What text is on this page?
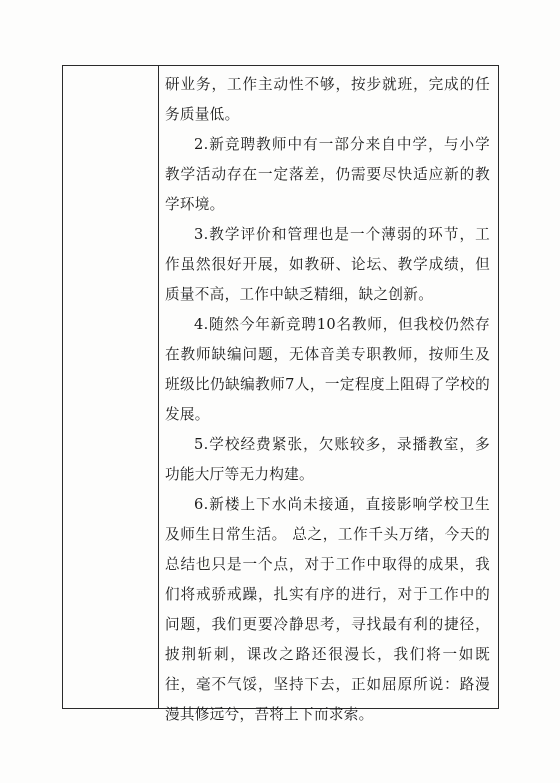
研业务，工作主动性不够，按步就班，完成的任务质量低。

2.新竞聘教师中有一部分来自中学，与小学教学活动存在一定落差，仍需要尽快适应新的教学环境。

3.教学评价和管理也是一个薄弱的环节，工作虽然很好开展，如教研、论坛、教学成绩，但质量不高，工作中缺乏精细，缺之创新。

4.随然今年新竞聘10名教师，但我校仍然存在教师缺编问题，无体音美专职教师，按师生及班级比仍缺编教师7人，一定程度上阻碍了学校的发展。

5.学校经费紧张，欠账较多，录播教室，多功能大厅等无力构建。

6.新楼上下水尚未接通，直接影响学校卫生及师生日常生活。 总之，工作千头万绪，今天的总结也只是一个点，对于工作中取得的成果，我们将戒骄戒躁，扎实有序的进行，对于工作中的问题，我们更要冷静思考，寻找最有利的捷径，披荆斩刺，课改之路还很漫长，我们将一如既往，毫不气馁，坚持下去，正如屈原所说：路漫漫其修远兮，吾将上下而求索。
